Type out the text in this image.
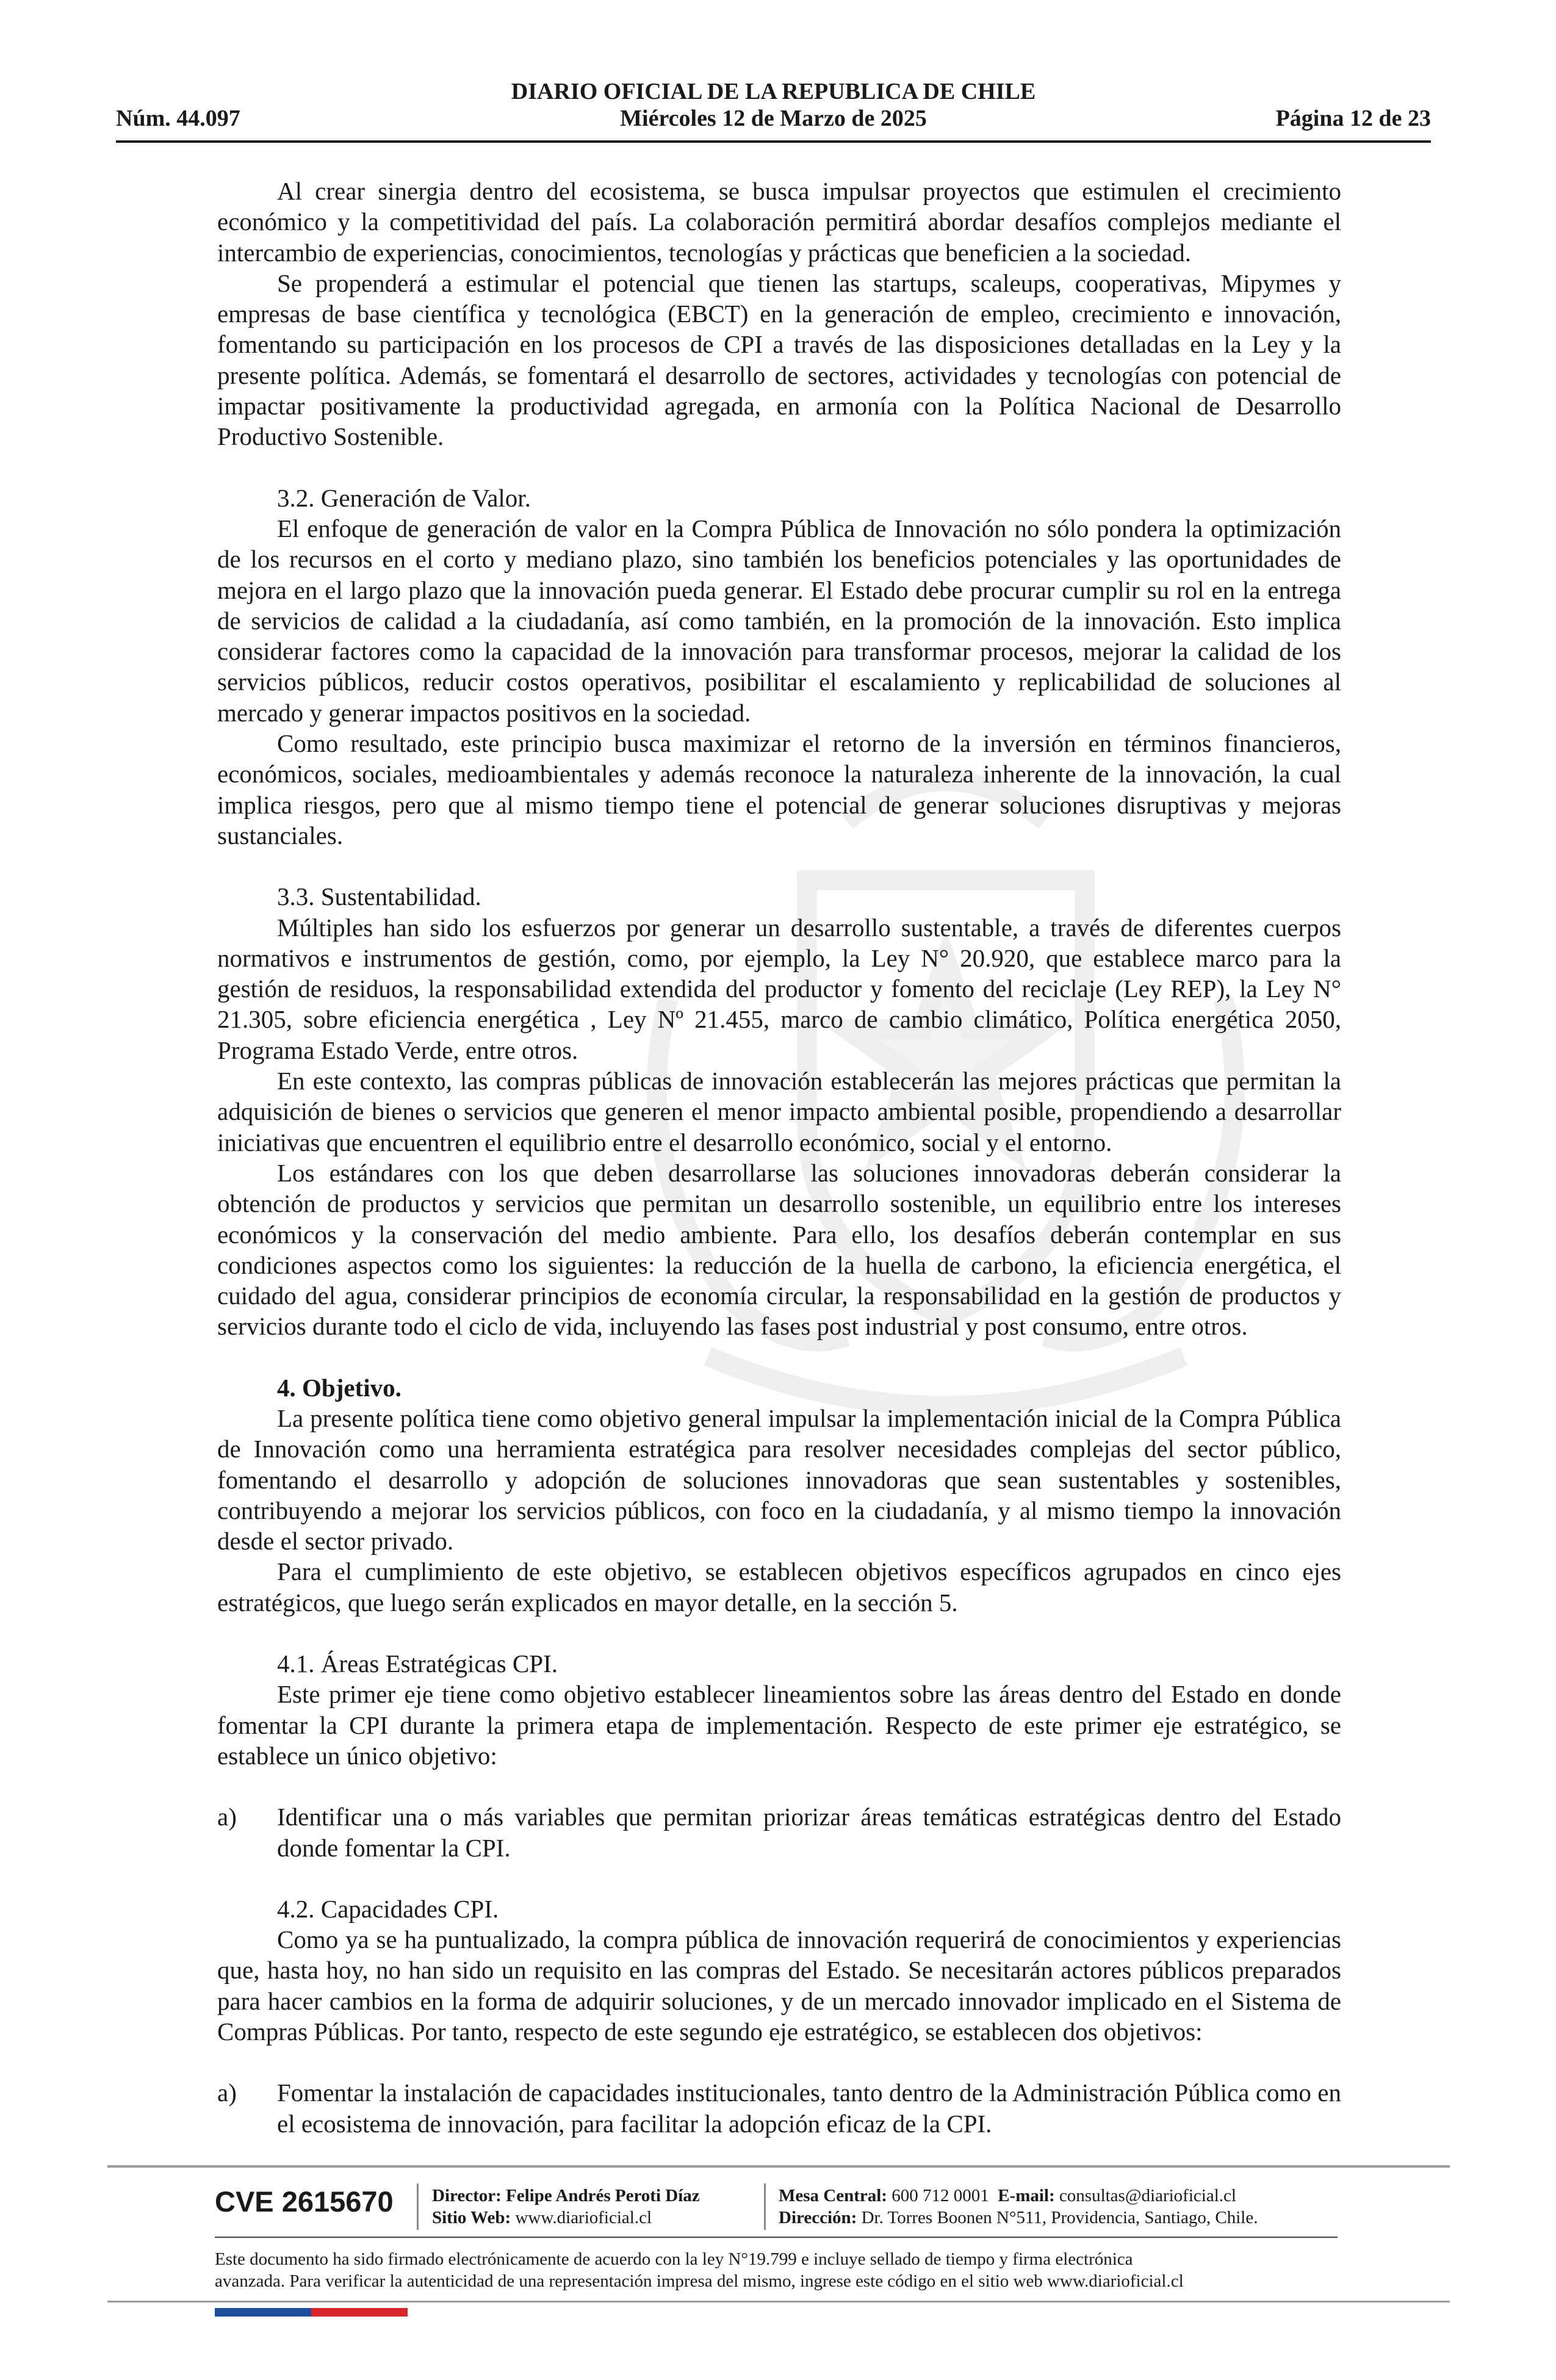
DIARIO OFICIAL DE LA REPUBLICA DE CHILE
Núm. 44.097	Miércoles 12 de Marzo de 2025	Página 12 de 23

Al crear sinergia dentro del ecosistema, se busca impulsar proyectos que estimulen el crecimiento económico y la competitividad del país. La colaboración permitirá abordar desafíos complejos mediante el intercambio de experiencias, conocimientos, tecnologías y prácticas que beneficien a la sociedad.

Se propenderá a estimular el potencial que tienen las startups, scaleups, cooperativas, Mipymes y empresas de base científica y tecnológica (EBCT) en la generación de empleo, crecimiento e innovación, fomentando su participación en los procesos de CPI a través de las disposiciones detalladas en la Ley y la presente política. Además, se fomentará el desarrollo de sectores, actividades y tecnologías con potencial de impactar positivamente la productividad agregada, en armonía con la Política Nacional de Desarrollo Productivo Sostenible.

3.2. Generación de Valor.

El enfoque de generación de valor en la Compra Pública de Innovación no sólo pondera la optimización de los recursos en el corto y mediano plazo, sino también los beneficios potenciales y las oportunidades de mejora en el largo plazo que la innovación pueda generar. El Estado debe procurar cumplir su rol en la entrega de servicios de calidad a la ciudadanía, así como también, en la promoción de la innovación. Esto implica considerar factores como la capacidad de la innovación para transformar procesos, mejorar la calidad de los servicios públicos, reducir costos operativos, posibilitar el escalamiento y replicabilidad de soluciones al mercado y generar impactos positivos en la sociedad.

Como resultado, este principio busca maximizar el retorno de la inversión en términos financieros, económicos, sociales, medioambientales y además reconoce la naturaleza inherente de la innovación, la cual implica riesgos, pero que al mismo tiempo tiene el potencial de generar soluciones disruptivas y mejoras sustanciales.

3.3. Sustentabilidad.

Múltiples han sido los esfuerzos por generar un desarrollo sustentable, a través de diferentes cuerpos normativos e instrumentos de gestión, como, por ejemplo, la Ley N° 20.920, que establece marco para la gestión de residuos, la responsabilidad extendida del productor y fomento del reciclaje (Ley REP), la Ley N° 21.305, sobre eficiencia energética , Ley Nº 21.455, marco de cambio climático, Política energética 2050, Programa Estado Verde, entre otros.

En este contexto, las compras públicas de innovación establecerán las mejores prácticas que permitan la adquisición de bienes o servicios que generen el menor impacto ambiental posible, propendiendo a desarrollar iniciativas que encuentren el equilibrio entre el desarrollo económico, social y el entorno.

Los estándares con los que deben desarrollarse las soluciones innovadoras deberán considerar la obtención de productos y servicios que permitan un desarrollo sostenible, un equilibrio entre los intereses económicos y la conservación del medio ambiente. Para ello, los desafíos deberán contemplar en sus condiciones aspectos como los siguientes: la reducción de la huella de carbono, la eficiencia energética, el cuidado del agua, considerar principios de economía circular, la responsabilidad en la gestión de productos y servicios durante todo el ciclo de vida, incluyendo las fases post industrial y post consumo, entre otros.

4. Objetivo.

La presente política tiene como objetivo general impulsar la implementación inicial de la Compra Pública de Innovación como una herramienta estratégica para resolver necesidades complejas del sector público, fomentando el desarrollo y adopción de soluciones innovadoras que sean sustentables y sostenibles, contribuyendo a mejorar los servicios públicos, con foco en la ciudadanía, y al mismo tiempo la innovación desde el sector privado.

Para el cumplimiento de este objetivo, se establecen objetivos específicos agrupados en cinco ejes estratégicos, que luego serán explicados en mayor detalle, en la sección 5.

4.1. Áreas Estratégicas CPI.

Este primer eje tiene como objetivo establecer lineamientos sobre las áreas dentro del Estado en donde fomentar la CPI durante la primera etapa de implementación. Respecto de este primer eje estratégico, se establece un único objetivo:

a)	Identificar una o más variables que permitan priorizar áreas temáticas estratégicas dentro del Estado donde fomentar la CPI.

4.2. Capacidades CPI.

Como ya se ha puntualizado, la compra pública de innovación requerirá de conocimientos y experiencias que, hasta hoy, no han sido un requisito en las compras del Estado. Se necesitarán actores públicos preparados para hacer cambios en la forma de adquirir soluciones, y de un mercado innovador implicado en el Sistema de Compras Públicas. Por tanto, respecto de este segundo eje estratégico, se establecen dos objetivos:

a)	Fomentar la instalación de capacidades institucionales, tanto dentro de la Administración Pública como en el ecosistema de innovación, para facilitar la adopción eficaz de la CPI.
CVE 2615670 Director: Felipe Andrés Peroti Díaz
Sitio Web: www.diarioficial.cl
Mesa Central: 600 712 0001 E-mail: consultas@diarioficial.cl
Dirección: Dr. Torres Boonen N°511, Providencia, Santiago, Chile.
Este documento ha sido firmado electrónicamente de acuerdo con la ley N°19.799 e incluye sellado de tiempo y firma electrónica
avanzada. Para verificar la autenticidad de una representación impresa del mismo, ingrese este código en el sitio web www.diarioficial.cl
